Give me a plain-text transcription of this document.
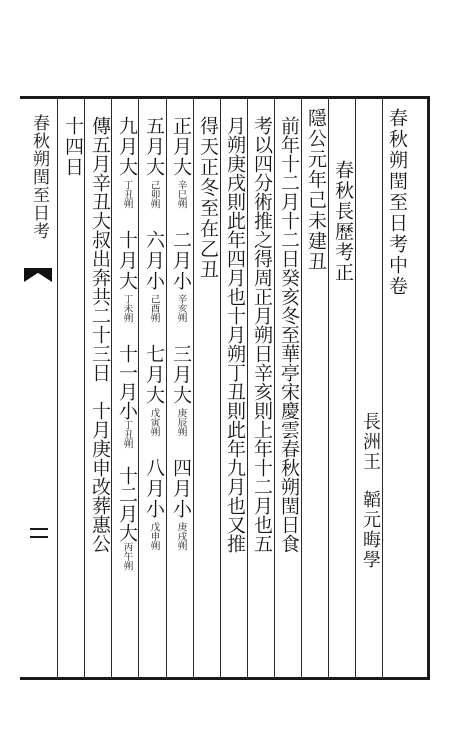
春秋朔閏至日考	春秋朔閏至日考中卷
長洲王
韜元晦學
隱公元年己未建丑 春秋長歷考正
前年十二月十二日癸亥冬至華亭宋慶雲春秋朔閏日食
考以四分術推之得周正月朔日辛亥則上年十二月也五
月朔庚戌則此年四月也十月朔丁丑則此年九月也又推
得天正冬至在乙丑
正月大
辛巳朔
二月小
辛亥朔
三月大
庚辰朔
四月小
庚戌朔
五月大
己卯朔
六月小
己酉朔
七月大
戊寅朔
八月小
戊申朔
九月大
丁丑朔
十月大
丁未朔
十一月小
丁丑朔
十二月大
丙午朔
傳五月辛丑大叔出奔共二十三日　十月庚申改葬惠公
十四日
